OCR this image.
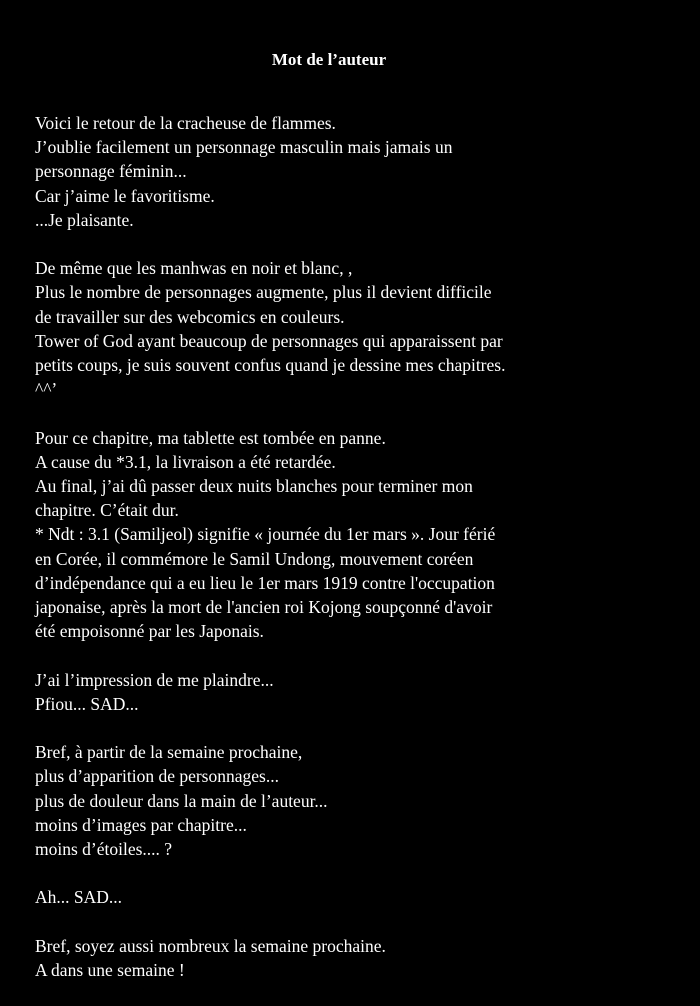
Mot de l’auteur
Voici le retour de la cracheuse de flammes.
J’oublie facilement un personnage masculin mais jamais un
personnage féminin...
Car j’aime le favoritisme.
...Je plaisante.
De même que les manhwas en noir et blanc, ,
Plus le nombre de personnages augmente, plus il devient difficile
de travailler sur des webcomics en couleurs.
Tower of God ayant beaucoup de personnages qui apparaissent par
petits coups, je suis souvent confus quand je dessine mes chapitres.
^^’
Pour ce chapitre, ma tablette est tombée en panne.
A cause du *3.1, la livraison a été retardée.
Au final, j’ai dû passer deux nuits blanches pour terminer mon
chapitre. C’était dur.
* Ndt : 3.1 (Samiljeol) signifie « journée du 1er mars ». Jour férié
en Corée, il commémore le Samil Undong, mouvement coréen
d’indépendance qui a eu lieu le 1er mars 1919 contre l'occupation
japonaise, après la mort de l'ancien roi Kojong soupçonné d'avoir
été empoisonné par les Japonais.
J’ai l’impression de me plaindre...
Pfiou... SAD...
Bref, à partir de la semaine prochaine,
plus d’apparition de personnages...
plus de douleur dans la main de l’auteur...
moins d’images par chapitre...
moins d’étoiles.... ?
Ah... SAD...
Bref, soyez aussi nombreux la semaine prochaine.
A dans une semaine !
